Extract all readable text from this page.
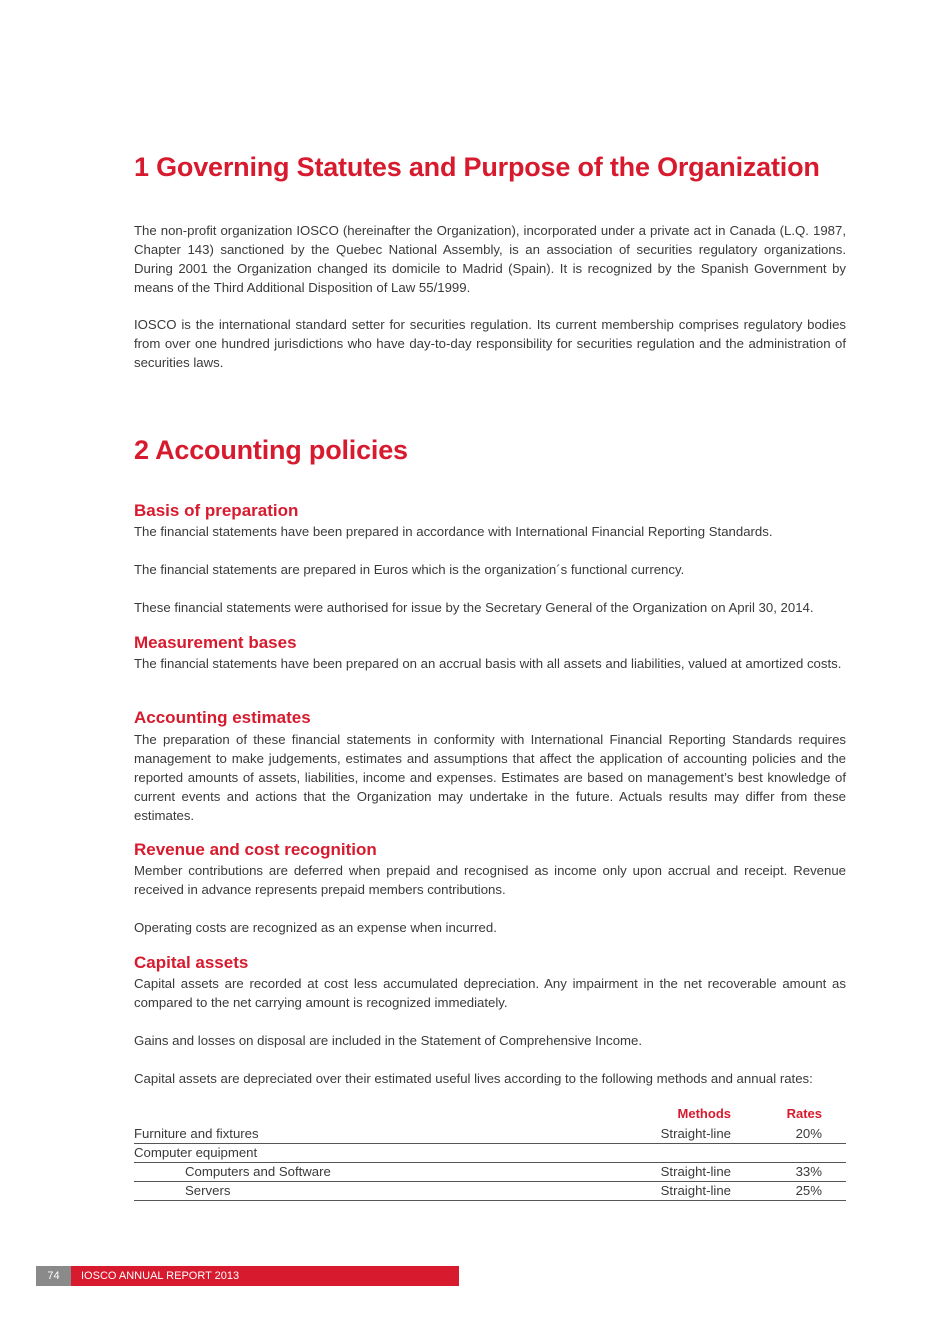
1 Governing Statutes and Purpose of the Organization

The non-profit organization IOSCO (hereinafter the Organization), incorporated under a private act in Canada (L.Q. 1987, Chapter 143) sanctioned by the Quebec National Assembly, is an association of securities regulatory organizations. During 2001 the Organization changed its domicile to Madrid (Spain). It is recognized by the Spanish Government by means of the Third Additional Disposition of Law 55/1999.

IOSCO is the international standard setter for securities regulation. Its current membership comprises regulatory bodies from over one hundred jurisdictions who have day-to-day responsibility for securities regulation and the administration of securities laws.

2 Accounting policies
Basis of preparation

The financial statements have been prepared in accordance with International Financial Reporting Standards.

The financial statements are prepared in Euros which is the organization´s functional currency.

These financial statements were authorised for issue by the Secretary General of the Organization on April 30, 2014.

Measurement bases

The financial statements have been prepared on an accrual basis with all assets and liabilities, valued at amortized costs.

Accounting estimates

The preparation of these financial statements in conformity with International Financial Reporting Standards requires management to make judgements, estimates and assumptions that affect the application of accounting policies and the reported amounts of assets, liabilities, income and expenses. Estimates are based on management’s best knowledge of current events and actions that the Organization may undertake in the future. Actuals results may differ from these estimates.

Revenue and cost recognition

Member contributions are deferred when prepaid and recognised as income only upon accrual and receipt. Revenue received in advance represents prepaid members contributions.

Operating costs are recognized as an expense when incurred.

Capital assets

Capital assets are recorded at cost less accumulated depreciation. Any impairment in the net recoverable amount as compared to the net carrying amount is recognized immediately.

Gains and losses on disposal are included in the Statement of Comprehensive Income.

Capital assets are depreciated over their estimated useful lives according to the following methods and annual rates:

Methods	Rates
Furniture and fixtures	Straight-line	20%
Computer equipment
Computers and Software	Straight-line	33%
Servers	Straight-line	25%
74	IOSCO ANNUAL REPORT 2013
